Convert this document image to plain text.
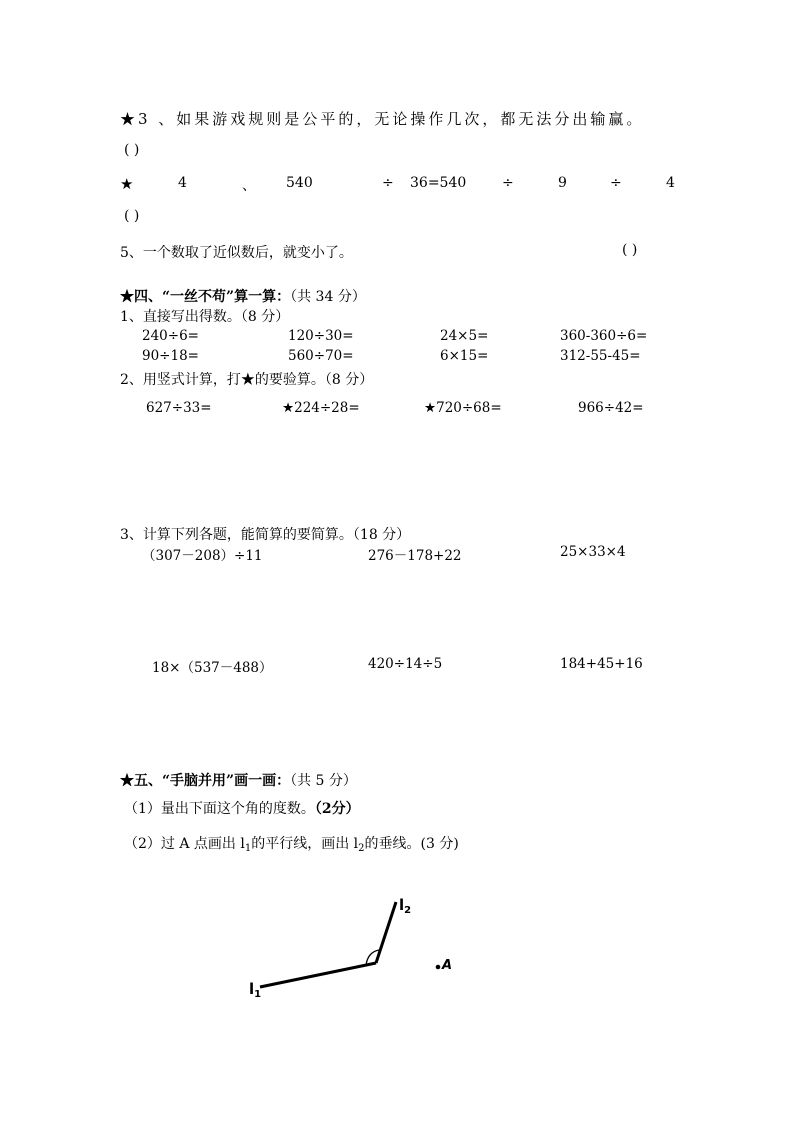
★3 、如果游戏规则是公平的，无论操作几次，都无法分出输赢。
( )
★	4	、 540	÷ 36=540	÷	9	÷	4
( )
5、一个数取了近似数后，就变小了。	( )
★四、“一丝不苟”算一算：（共 34 分）
1、直接写出得数。（8 分）
240÷6=	120÷30=	24×5=	360-360÷6=
90÷18=	560÷70=	6×15=	312-55-45=
2、用竖式计算，打★的要验算。（8 分）
627÷33=	★224÷28=	★720÷68=	966÷42=
3、计算下列各题，能简算的要简算。（18 分）
（307－208）÷11	276－178+22	25×33×4
18×（537－488）	420÷14÷5	184+45+16
★五、“手脑并用”画一画：（共 5 分）
（1）量出下面这个角的度数。（2分）
（2）过 A 点画出 $l_1$的平行线，画出 $l_2$的垂线。(3 分)
$l_1$
$l_2$
A
